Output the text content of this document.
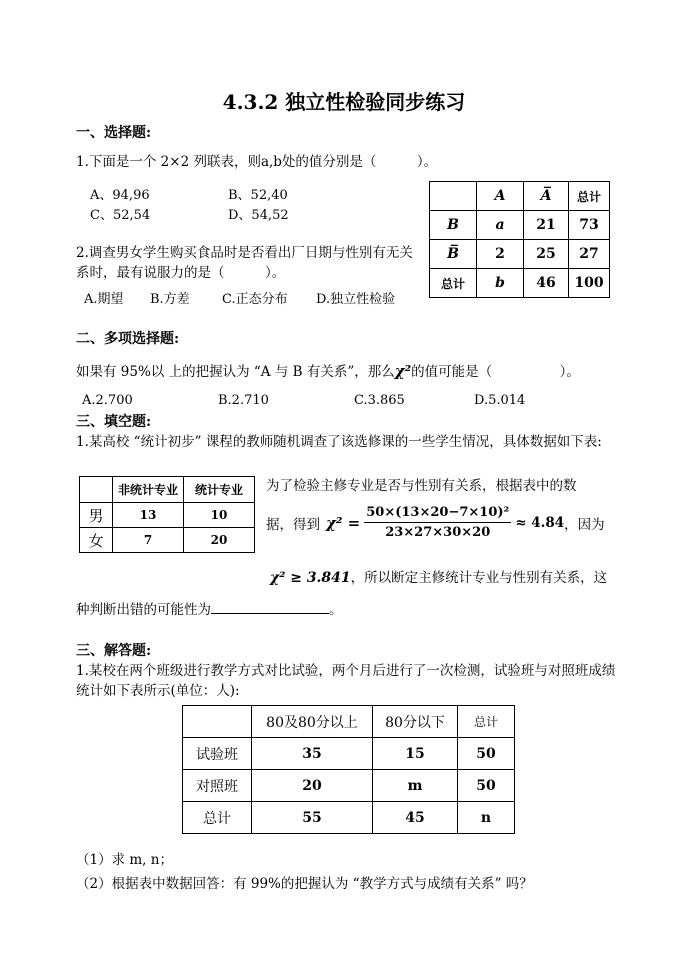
4.3.2 独立性检验同步练习
一、选择题:
1.下面是一个 2×2 列联表，则a,b处的值分别是（　　　）。
A、94,96	B、52,40
C、52,54	D、54,52
	A	A̅	总计
B	a	21	73
B̅	2	25	27
总计	b	46	100
2.调查男女学生购买食品时是否看出厂日期与性别有无关系时，最有说服力的是（　　　）。
A.期望 B.方差 C.正态分布 D.独立性检验
二、多项选择题:
如果有 95%以 上的把握认为 “A 与 B 有关系”，那么χ²的值可能是（　　　　　）。
A.2.700	B.2.710	C.3.865	D.5.014
三、填空题:
1.某高校 “统计初步” 课程的教师随机调查了该选修课的一些学生情况，具体数据如下表:
	非统计专业	统计专业
男	13	10
女	7	20
为了检验主修专业是否与性别有关系，根据表中的数
据，得到 $\chi^2 = \frac{\text{50×(13×20−7×10)²}}{23\times 27\times 30\times 20} \approx 4.84$ ，因为
χ² ≥ 3.841，所以断定主修统计专业与性别有关系，这
种判断出错的可能性为	。
三、解答题:
1.某校在两个班级进行教学方式对比试验，两个月后进行了一次检测，试验班与对照班成绩统计如下表所示(单位：人):
	80及80分以上	80分以下	总计
试验班	35	15	50
对照班	20	m	50
总计	55	45	n
（1）求 m, n；
（2）根据表中数据回答：有 99%的把握认为 “教学方式与成绩有关系” 吗？
